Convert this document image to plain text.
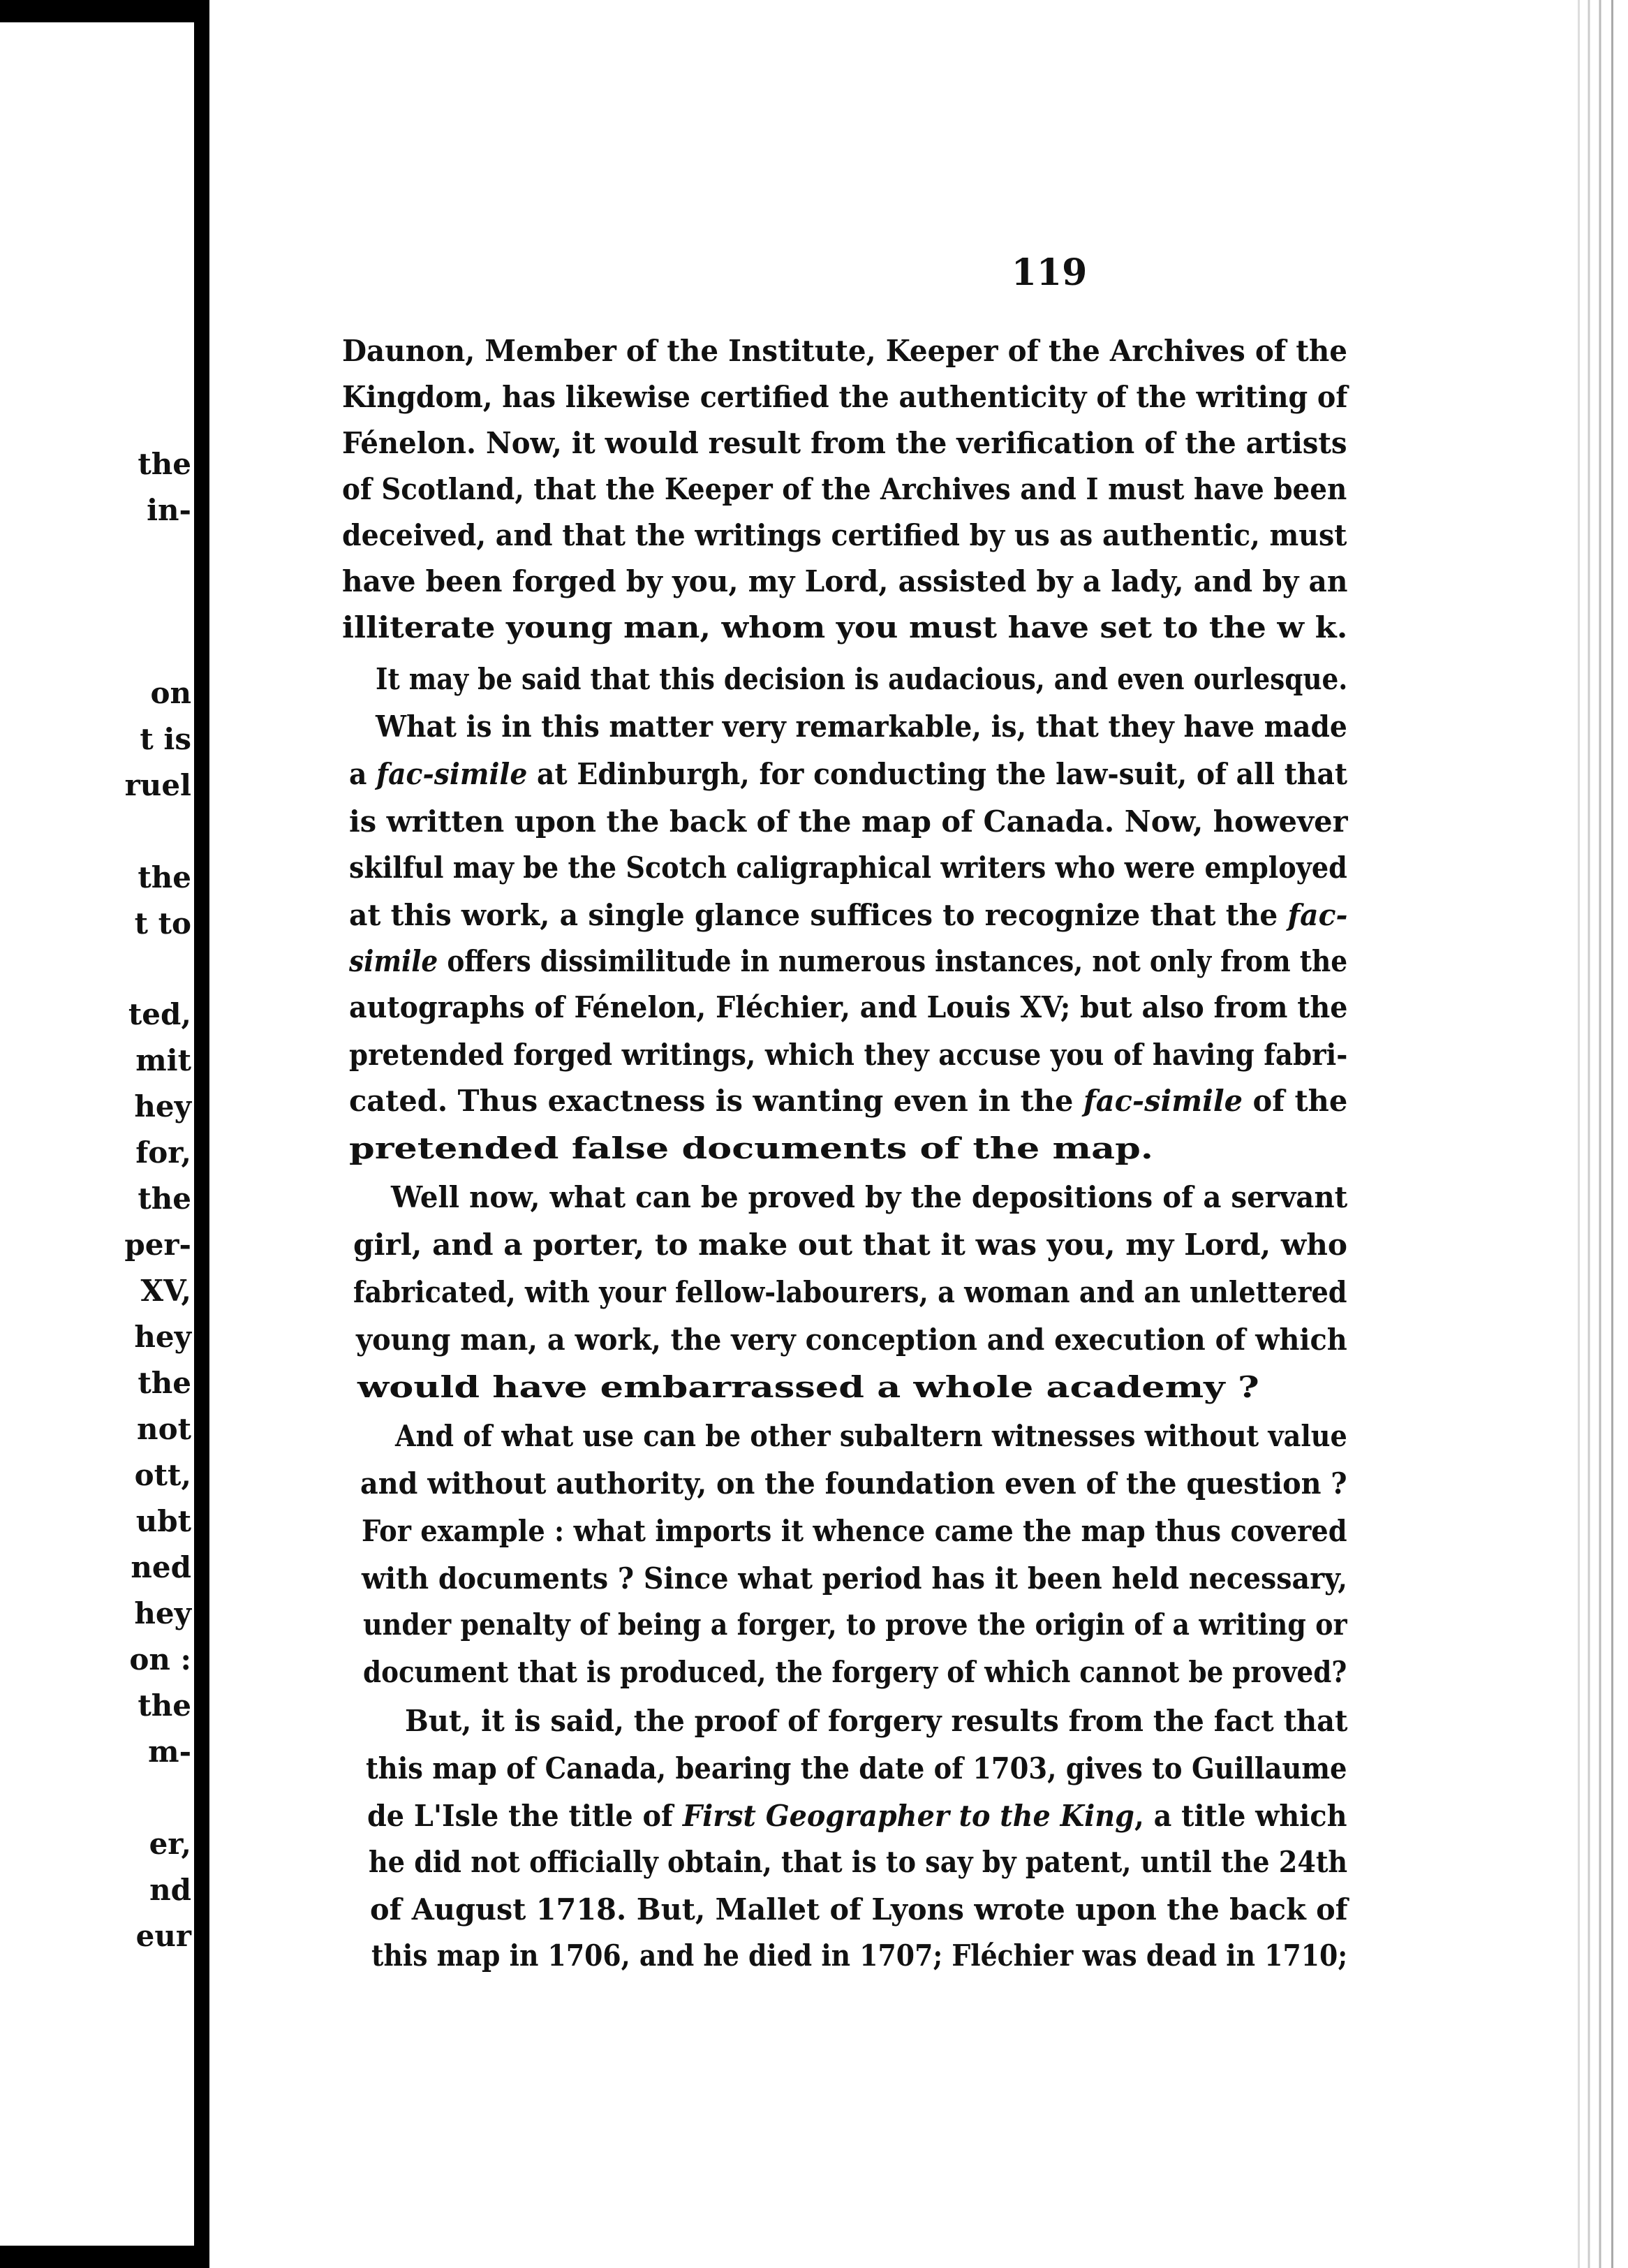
the
in-
on
t is
ruel
the
t to
ted,
mit
hey
for,
the
per-
XV,
hey
the
not
ott,
ubt
ned
hey
on :
the
m-
er,
nd
eur
119
Daunon, Member of the Institute, Keeper of the Archives of the
Kingdom, has likewise certified the authenticity of the writing of
Fénelon. Now, it would result from the verification of the artists
of Scotland, that the Keeper of the Archives and I must have been
deceived, and that the writings certified by us as authentic, must
have been forged by you, my Lord, assisted by a lady, and by an
illiterate young man, whom you must have set to the w k.
It may be said that this decision is audacious, and even ourlesque.
What is in this matter very remarkable, is, that they have made
a fac-simile at Edinburgh, for conducting the law-suit, of all that
is written upon the back of the map of Canada. Now, however
skilful may be the Scotch caligraphical writers who were employed
at this work, a single glance suffices to recognize that the fac-
simile offers dissimilitude in numerous instances, not only from the
autographs of Fénelon, Fléchier, and Louis XV; but also from the
pretended forged writings, which they accuse you of having fabri-
cated. Thus exactness is wanting even in the fac-simile of the
pretended false documents of the map.
Well now, what can be proved by the depositions of a servant
girl, and a porter, to make out that it was you, my Lord, who
fabricated, with your fellow-labourers, a woman and an unlettered
young man, a work, the very conception and execution of which
would have embarrassed a whole academy ?
And of what use can be other subaltern witnesses without value
and without authority, on the foundation even of the question ?
For example : what imports it whence came the map thus covered
with documents ? Since what period has it been held necessary,
under penalty of being a forger, to prove the origin of a writing or
document that is produced, the forgery of which cannot be proved?
But, it is said, the proof of forgery results from the fact that
this map of Canada, bearing the date of 1703, gives to Guillaume
de L'Isle the title of First Geographer to the King, a title which
he did not officially obtain, that is to say by patent, until the 24th
of August 1718. But, Mallet of Lyons wrote upon the back of
this map in 1706, and he died in 1707; Fléchier was dead in 1710;
